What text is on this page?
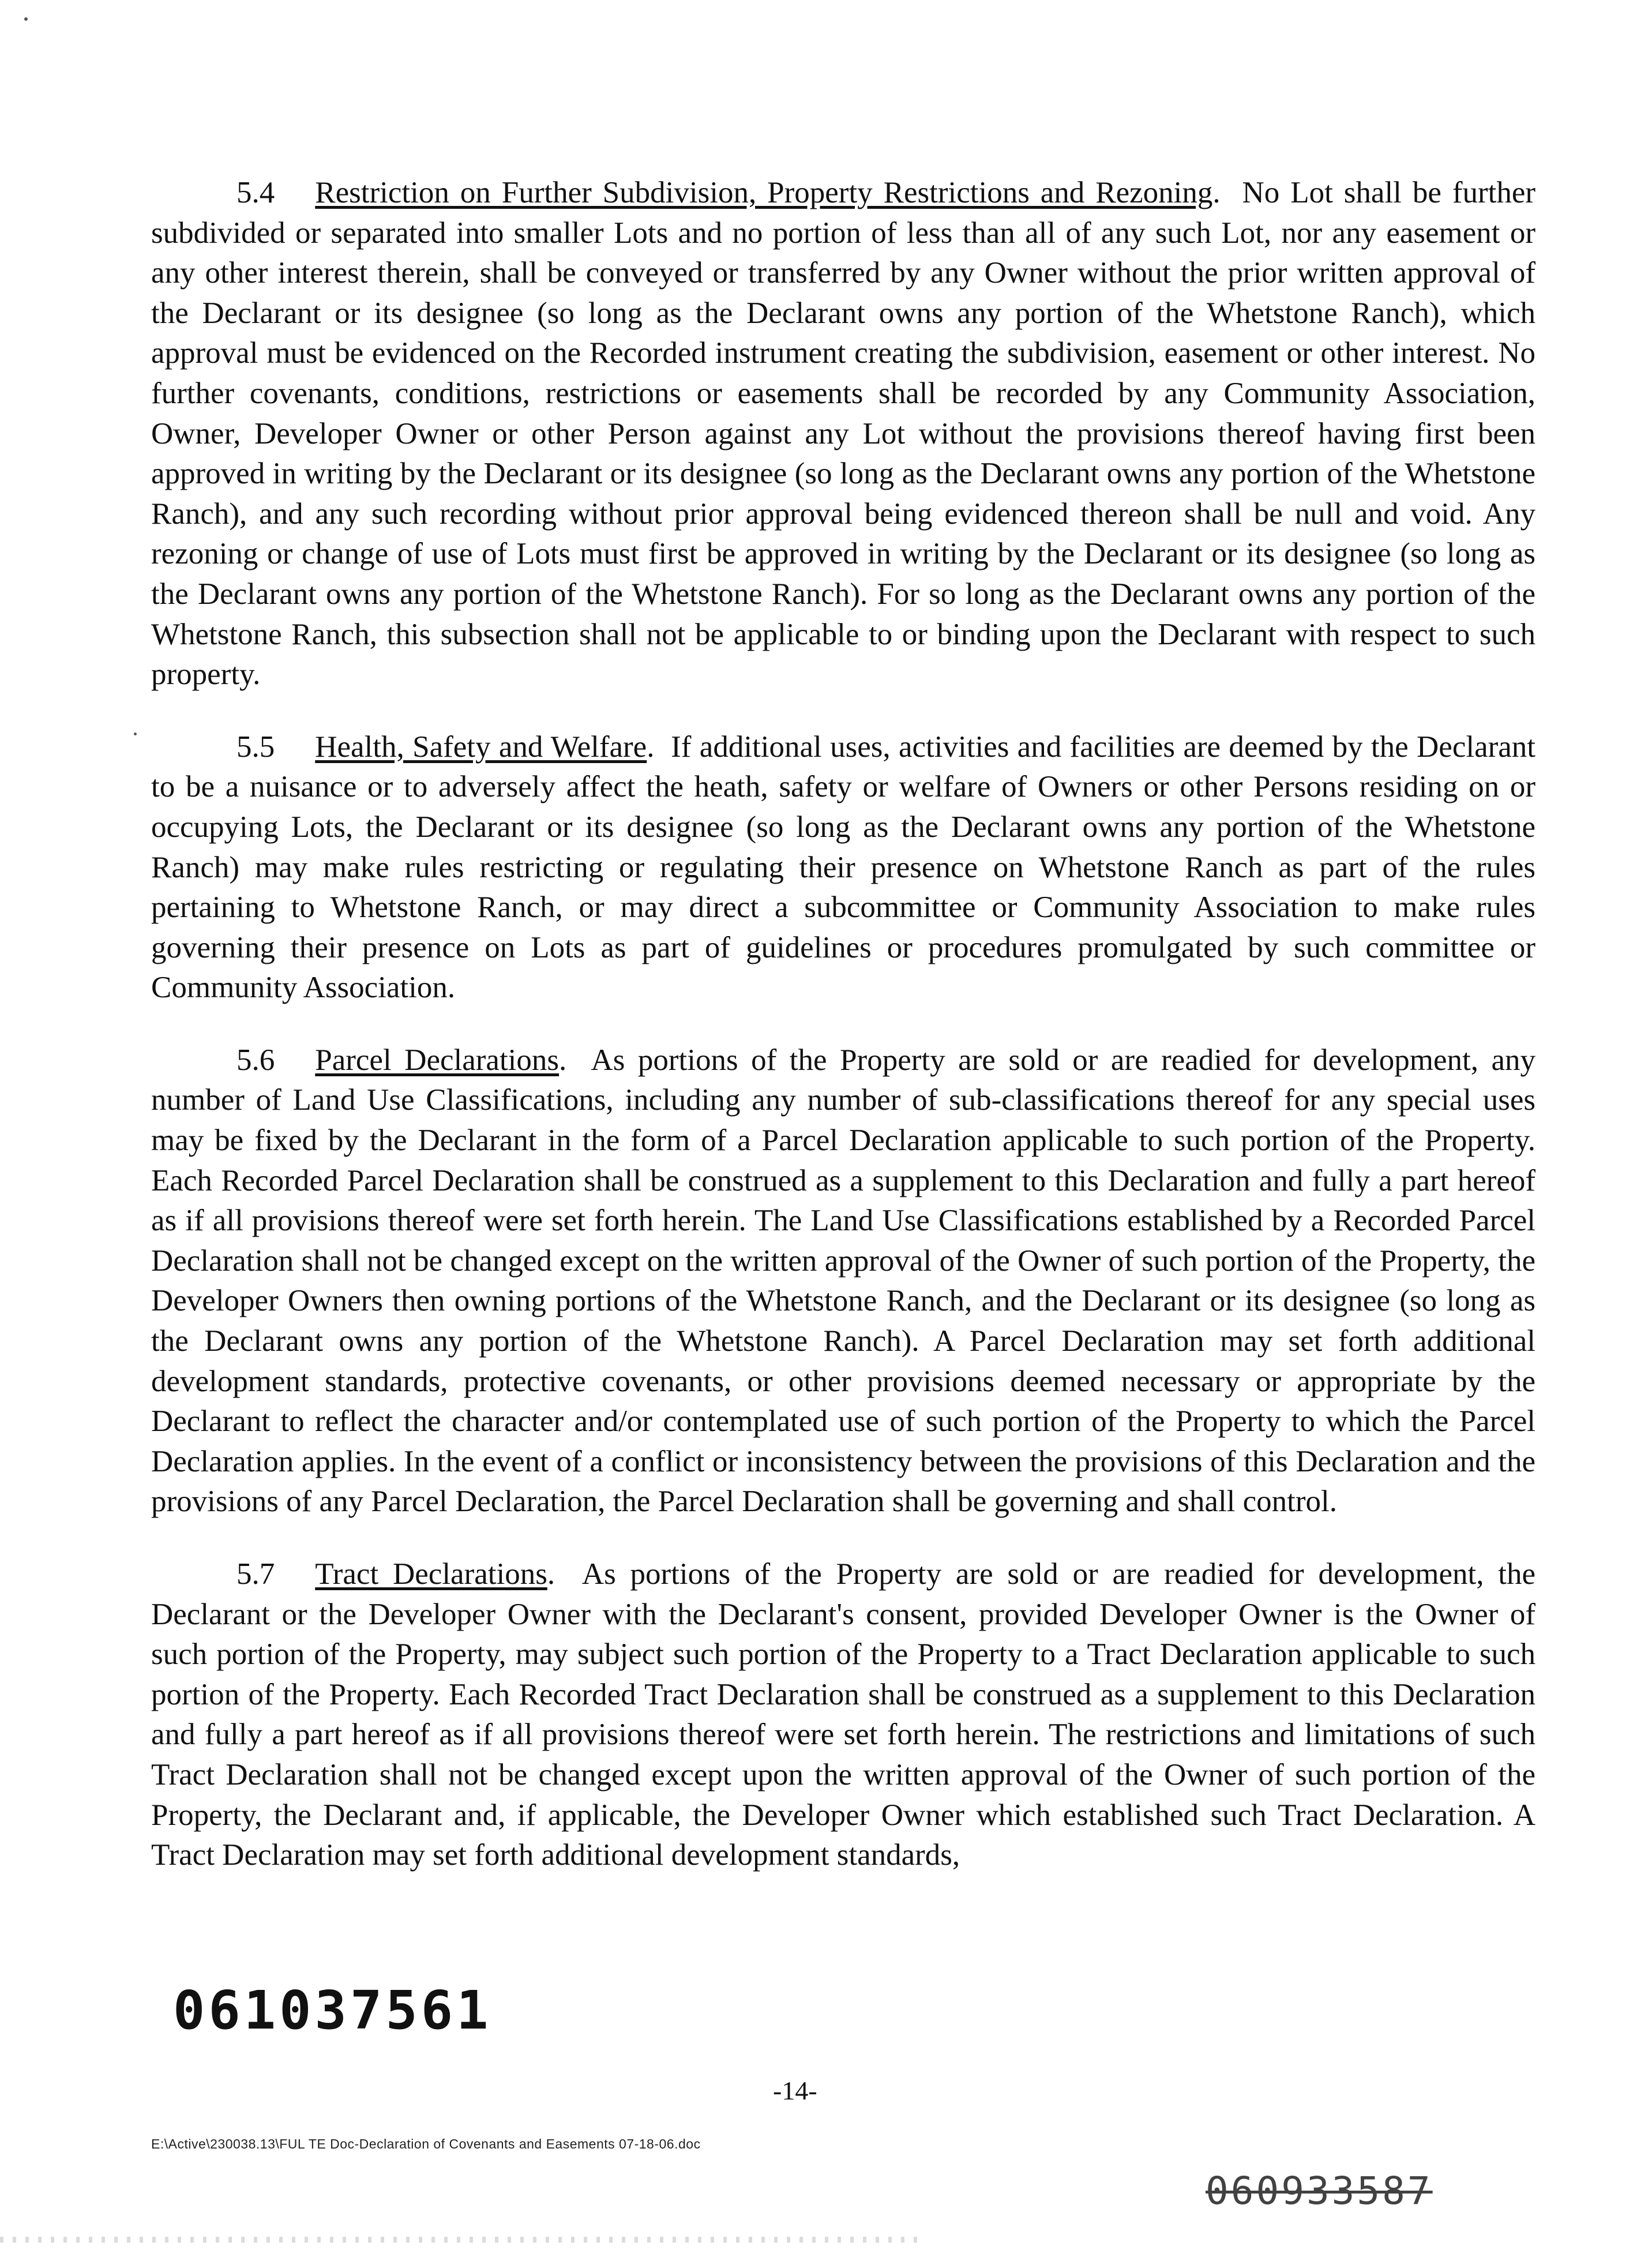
5.4 Restriction on Further Subdivision, Property Restrictions and Rezoning.  No Lot shall be further subdivided or separated into smaller Lots and no portion of less than all of any such Lot, nor any easement or any other interest therein, shall be conveyed or transferred by any Owner without the prior written approval of the Declarant or its designee (so long as the Declarant owns any portion of the Whetstone Ranch), which approval must be evidenced on the Recorded instrument creating the subdivision, easement or other interest. No further covenants, conditions, restrictions or easements shall be recorded by any Community Association, Owner, Developer Owner or other Person against any Lot without the provisions thereof having first been approved in writing by the Declarant or its designee (so long as the Declarant owns any portion of the Whetstone Ranch), and any such recording without prior approval being evidenced thereon shall be null and void. Any rezoning or change of use of Lots must first be approved in writing by the Declarant or its designee (so long as the Declarant owns any portion of the Whetstone Ranch). For so long as the Declarant owns any portion of the Whetstone Ranch, this subsection shall not be applicable to or binding upon the Declarant with respect to such property.

5.5 Health, Safety and Welfare.  If additional uses, activities and facilities are deemed by the Declarant to be a nuisance or to adversely affect the heath, safety or welfare of Owners or other Persons residing on or occupying Lots, the Declarant or its designee (so long as the Declarant owns any portion of the Whetstone Ranch) may make rules restricting or regulating their presence on Whetstone Ranch as part of the rules pertaining to Whetstone Ranch, or may direct a subcommittee or Community Association to make rules governing their presence on Lots as part of guidelines or procedures promulgated by such committee or Community Association.

5.6 Parcel Declarations.  As portions of the Property are sold or are readied for development, any number of Land Use Classifications, including any number of sub-classifications thereof for any special uses may be fixed by the Declarant in the form of a Parcel Declaration applicable to such portion of the Property. Each Recorded Parcel Declaration shall be construed as a supplement to this Declaration and fully a part hereof as if all provisions thereof were set forth herein. The Land Use Classifications established by a Recorded Parcel Declaration shall not be changed except on the written approval of the Owner of such portion of the Property, the Developer Owners then owning portions of the Whetstone Ranch, and the Declarant or its designee (so long as the Declarant owns any portion of the Whetstone Ranch). A Parcel Declaration may set forth additional development standards, protective covenants, or other provisions deemed necessary or appropriate by the Declarant to reflect the character and/or contemplated use of such portion of the Property to which the Parcel Declaration applies. In the event of a conflict or inconsistency between the provisions of this Declaration and the provisions of any Parcel Declaration, the Parcel Declaration shall be governing and shall control.

5.7 Tract Declarations.  As portions of the Property are sold or are readied for development, the Declarant or the Developer Owner with the Declarant's consent, provided Developer Owner is the Owner of such portion of the Property, may subject such portion of the Property to a Tract Declaration applicable to such portion of the Property. Each Recorded Tract Declaration shall be construed as a supplement to this Declaration and fully a part hereof as if all provisions thereof were set forth herein. The restrictions and limitations of such Tract Declaration shall not be changed except upon the written approval of the Owner of such portion of the Property, the Declarant and, if applicable, the Developer Owner which established such Tract Declaration. A Tract Declaration may set forth additional development standards,

061037561
-14-
E:\Active\230038.13\FUL TE Doc-Declaration of Covenants and Easements 07-18-06.doc
060933587
